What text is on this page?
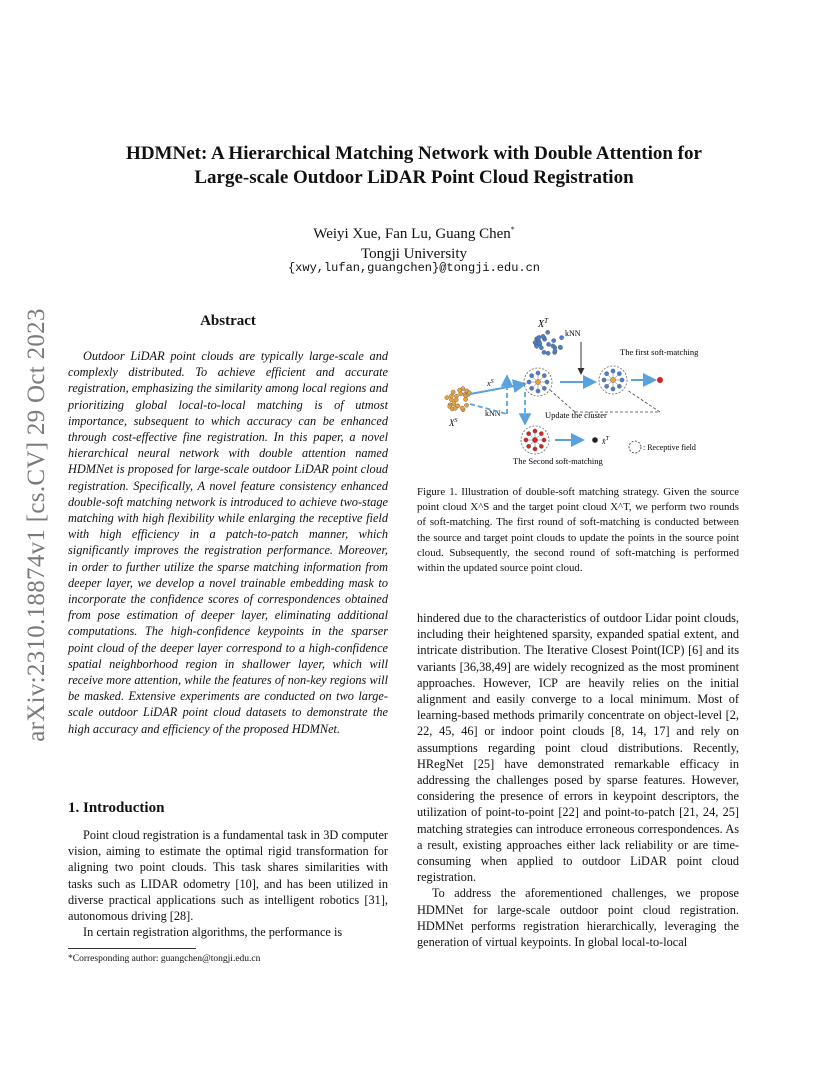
HDMNet: A Hierarchical Matching Network with Double Attention for
Large-scale Outdoor LiDAR Point Cloud Registration
Weiyi Xue, Fan Lu, Guang Chen*
Tongji University
{xwy,lufan,guangchen}@tongji.edu.cn
arXiv:2310.18874v1 [cs.CV] 29 Oct 2023	Abstract
Outdoor LiDAR point clouds are typically large-scale and complexly distributed. To achieve efficient and accurate registration, emphasizing the similarity among local regions and prioritizing global local-to-local matching is of utmost importance, subsequent to which accuracy can be enhanced through cost-effective fine registration. In this paper, a novel hierarchical neural network with double attention named HDMNet is proposed for large-scale outdoor LiDAR point cloud registration. Specifically, A novel feature consistency enhanced double-soft matching network is introduced to achieve two-stage matching with high flexibility while enlarging the receptive field with high efficiency in a patch-to-patch manner, which significantly improves the registration performance. Moreover, in order to further utilize the sparse matching information from deeper layer, we develop a novel trainable embedding mask to incorporate the confidence scores of correspondences obtained from pose estimation of deeper layer, eliminating additional computations. The high-confidence keypoints in the sparser point cloud of the deeper layer correspond to a high-confidence spatial neighborhood region in shallower layer, which will receive more attention, while the features of non-key regions will be masked. Extensive experiments are conducted on two large-scale outdoor LiDAR point cloud datasets to demonstrate the high accuracy and efficiency of the proposed HDMNet.
1. Introduction

Point cloud registration is a fundamental task in 3D computer vision, aiming to estimate the optimal rigid transformation for aligning two point clouds. This task shares similarities with tasks such as LIDAR odometry [10], and has been utilized in diverse practical applications such as intelligent robotics [31], autonomous driving [28].

In certain registration algorithms, the performance is

*Corresponding author: guangchen@tongji.edu.cn
$X^T$
kNN
The first soft-matching
$X^S$
$x^S$
kNN	Update the cluster
x̂$^T$
: Receptive field
The Second soft-matching
Figure 1. Illustration of double-soft matching strategy. Given the source point cloud X^S and the target point cloud X^T, we perform two rounds of soft-matching. The first round of soft-matching is conducted between the source and target point clouds to update the points in the source point cloud. Subsequently, the second round of soft-matching is performed within the updated source point cloud.

hindered due to the characteristics of outdoor Lidar point clouds, including their heightened sparsity, expanded spatial extent, and intricate distribution. The Iterative Closest Point(ICP) [6] and its variants [36,38,49] are widely recognized as the most prominent approaches. However, ICP are heavily relies on the initial alignment and easily converge to a local minimum. Most of learning-based methods primarily concentrate on object-level [2, 22, 45, 46] or indoor point clouds [8, 14, 17] and rely on assumptions regarding point cloud distributions. Recently, HRegNet [25] have demonstrated remarkable efficacy in addressing the challenges posed by sparse features. However, considering the presence of errors in keypoint descriptors, the utilization of point-to-point [22] and point-to-patch [21, 24, 25] matching strategies can introduce erroneous correspondences. As a result, existing approaches either lack reliability or are time-consuming when applied to outdoor LiDAR point cloud registration.

To address the aforementioned challenges, we propose HDMNet for large-scale outdoor point cloud registration. HDMNet performs registration hierarchically, leveraging the generation of virtual keypoints. In global local-to-local
